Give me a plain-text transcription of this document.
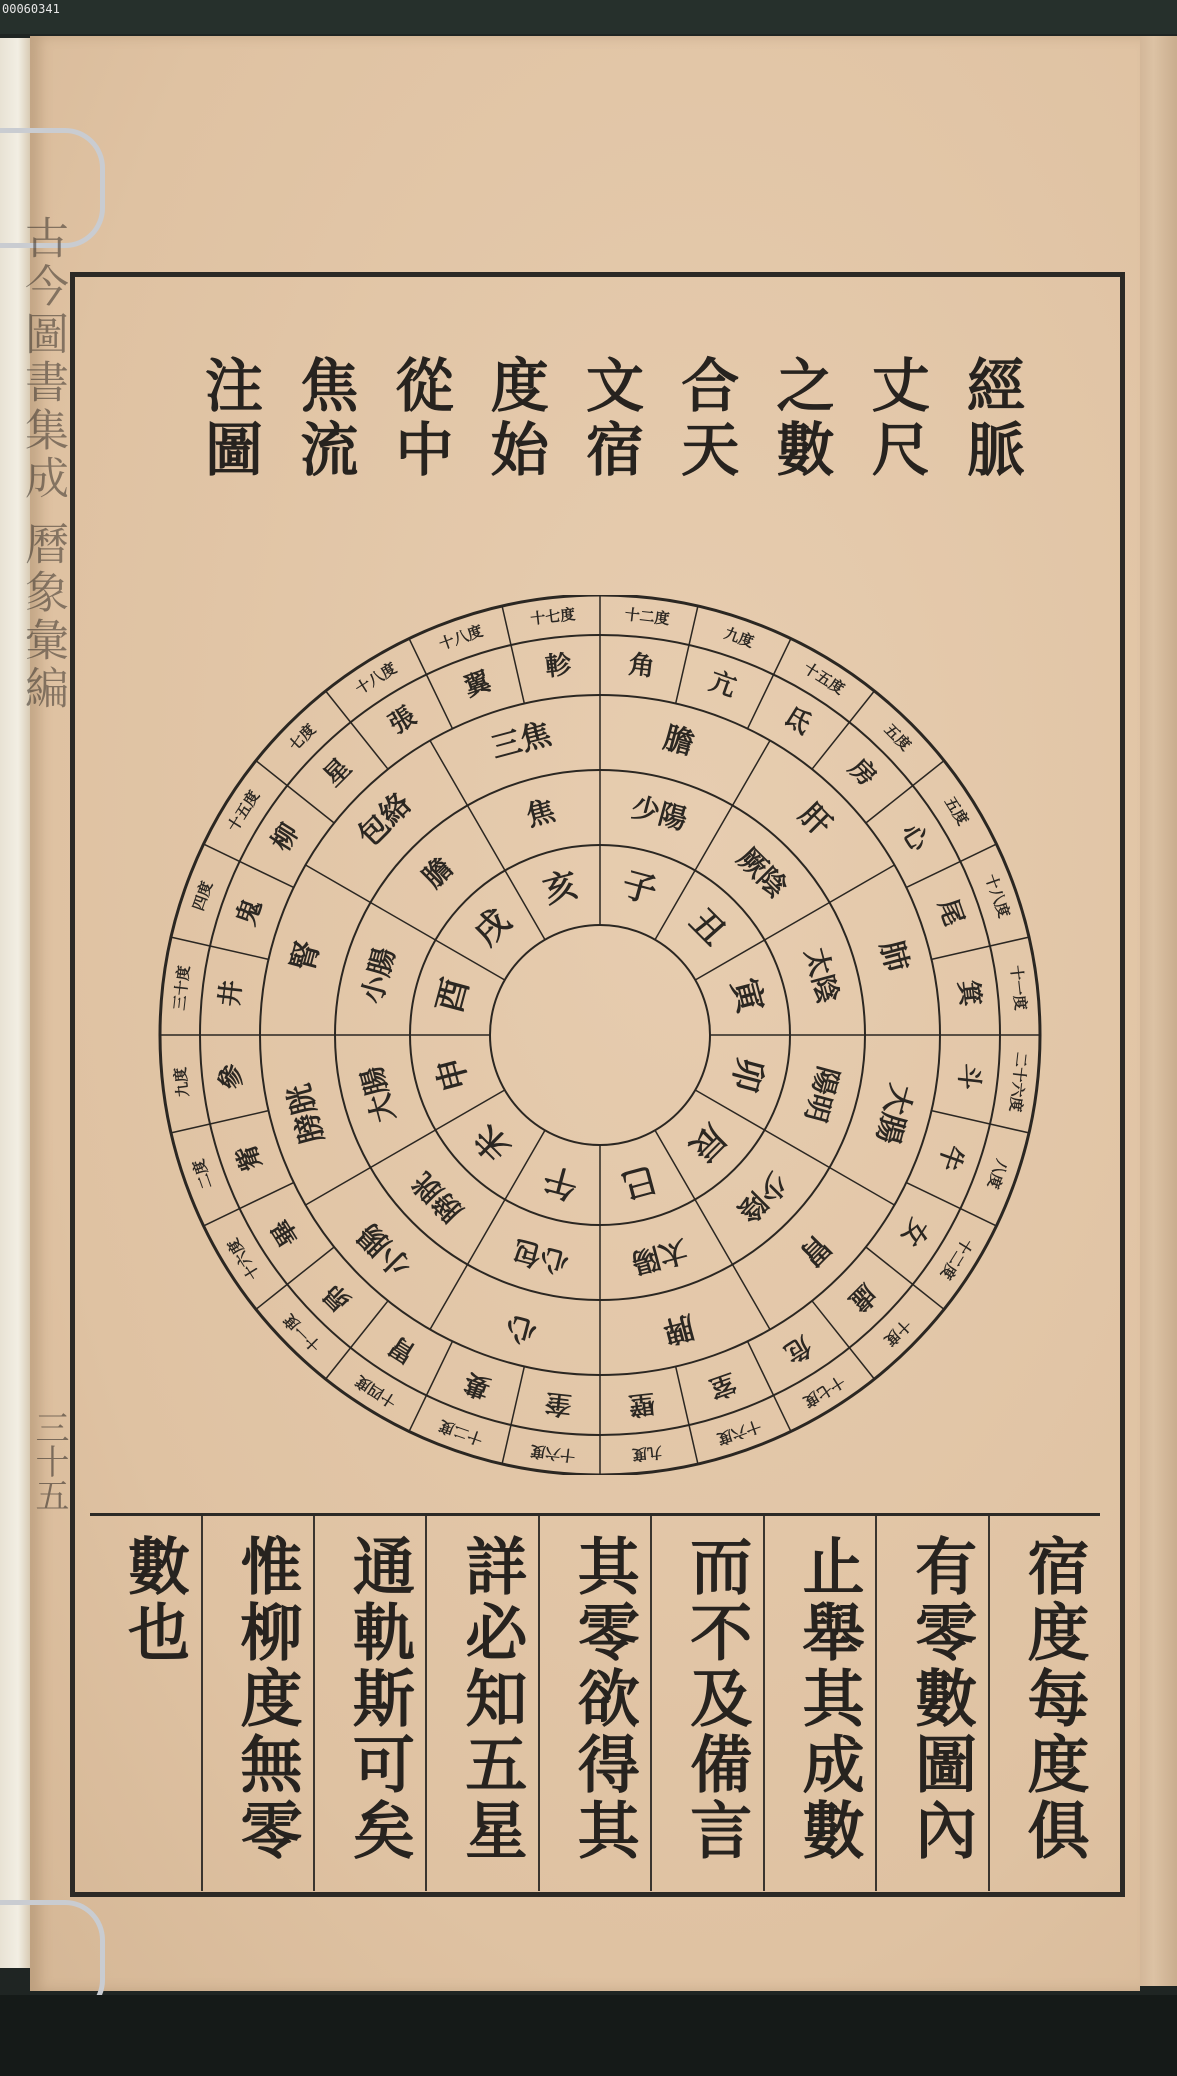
00060341
古今圖書集成 曆象彙編
三十五
經脈
丈尺
之數
合天
文宿
度始
從中
焦流
注圖
子
丑
寅
卯
辰
巳
午
未
申
酉
戌
亥
少陽
厥陰
太陰
陽明
少陰
太陽
心包
膀胱
大腸
小腸
膽
焦
膽
肝
肺
大腸
胃
脾
心
小腸
膀胱
腎
包絡
三焦
角
亢
氐
房
心
尾
箕
斗
牛
女
虛
危
室
壁
奎
婁
胃
昴
畢
觜
參
井
鬼
柳
星
張
翼
軫
十二度
九度
十五度
五度
五度
十八度
十一度
二十六度
八度
十二度
十度
十七度
十六度
九度
十六度
十二度
十四度
十一度
十六度
二度
九度
三十度
四度
十五度
七度
十八度
十八度
十七度
宿度每度俱
有零數圖內
止舉其成數
而不及備言
其零欲得其
詳必知五星
通軌斯可矣
惟柳度無零
數也
